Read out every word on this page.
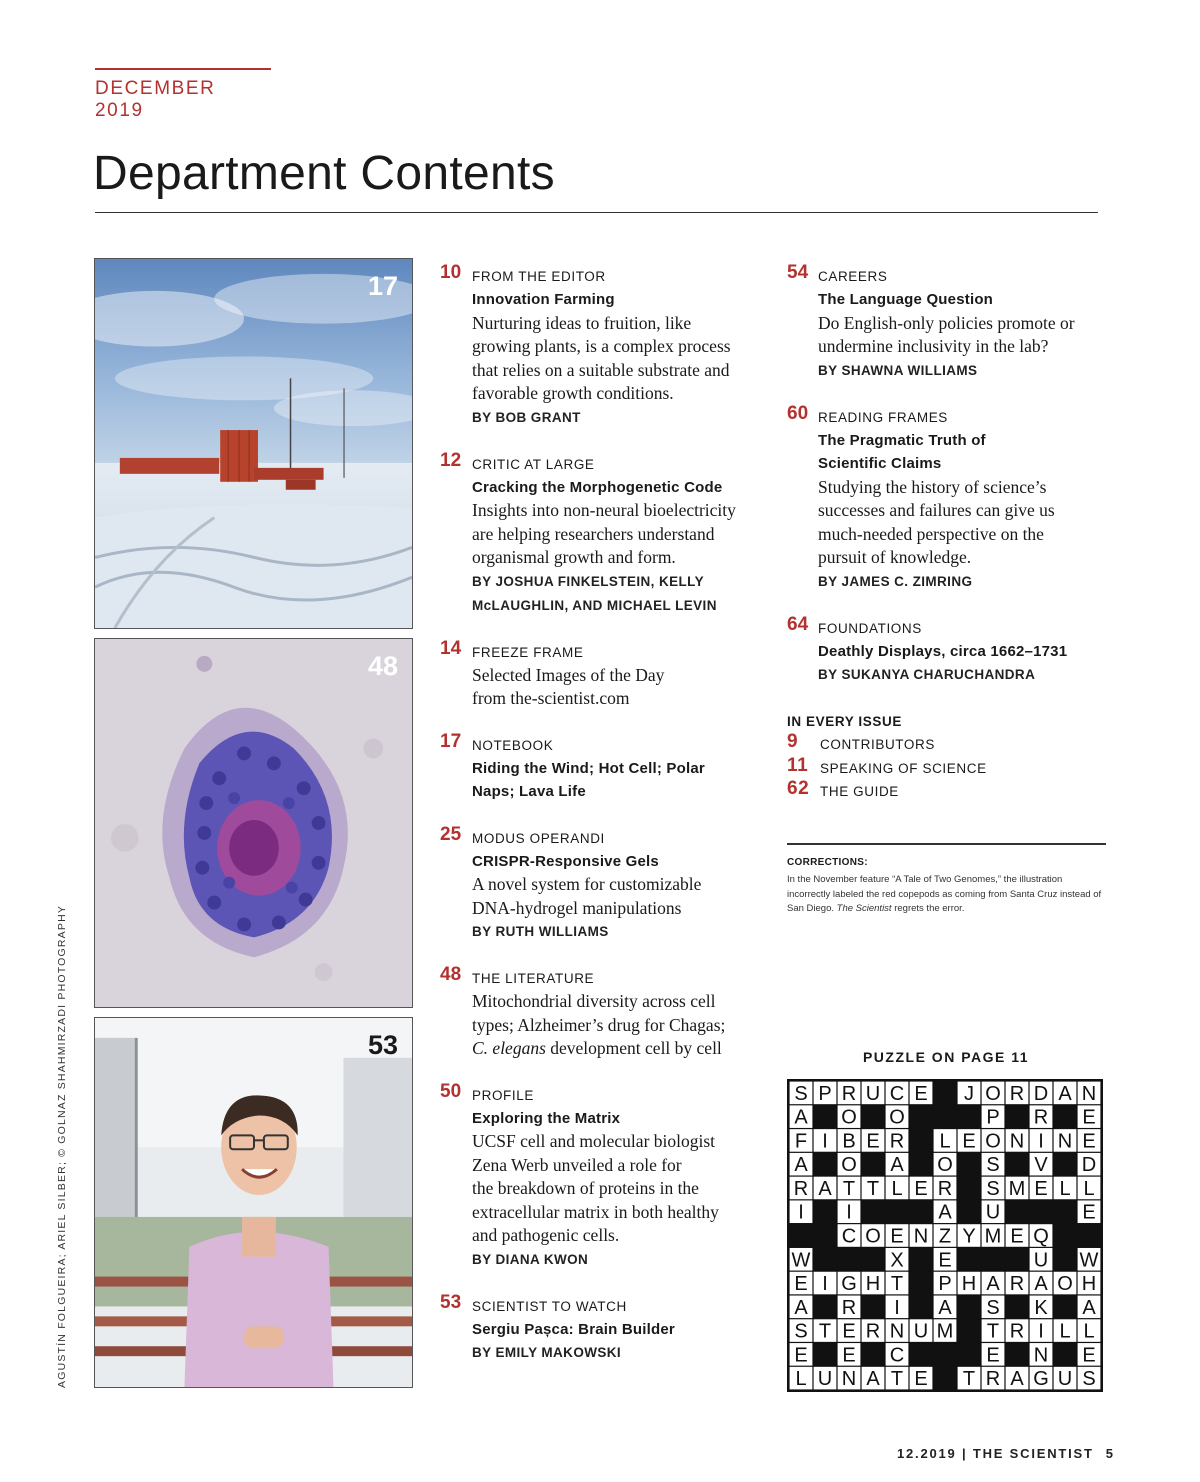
DECEMBER 2019
Department Contents
AGUSTÍN FOLGUEIRA; ARIEL SILBER; © GOLNAZ SHAHMIRZADI PHOTOGRAPHY
17
48
53
10 FROM THE EDITOR
Innovation Farming
Nurturing ideas to fruition, like
growing plants, is a complex process
that relies on a suitable substrate and
favorable growth conditions.
BY BOB GRANT
12 CRITIC AT LARGE
Cracking the Morphogenetic Code
Insights into non-neural bioelectricity
are helping researchers understand
organismal growth and form.
BY JOSHUA FINKELSTEIN, KELLY
McLAUGHLIN, AND MICHAEL LEVIN
14 FREEZE FRAME
Selected Images of the Day
from the-scientist.com
17 NOTEBOOK
Riding the Wind; Hot Cell; Polar
Naps; Lava Life
25 MODUS OPERANDI
CRISPR-Responsive Gels
A novel system for customizable
DNA-hydrogel manipulations
BY RUTH WILLIAMS
48 THE LITERATURE
Mitochondrial diversity across cell
types; Alzheimer’s drug for Chagas;
C. elegans development cell by cell
50 PROFILE
Exploring the Matrix
UCSF cell and molecular biologist
Zena Werb unveiled a role for
the breakdown of proteins in the
extracellular matrix in both healthy
and pathogenic cells.
BY DIANA KWON
53 SCIENTIST TO WATCH
Sergiu Pașca: Brain Builder
BY EMILY MAKOWSKI
54 CAREERS
The Language Question
Do English-only policies promote or
undermine inclusivity in the lab?
BY SHAWNA WILLIAMS
60 READING FRAMES
The Pragmatic Truth of
Scientific Claims
Studying the history of science’s
successes and failures can give us
much-needed perspective on the
pursuit of knowledge.
BY JAMES C. ZIMRING
64 FOUNDATIONS
Deathly Displays, circa 1662–1731
BY SUKANYA CHARUCHANDRA
IN EVERY ISSUE
9 CONTRIBUTORS
11 SPEAKING OF SCIENCE
62 THE GUIDE
CORRECTIONS:
In the November feature “A Tale of Two Genomes,” the illustration incorrectly labeled the red copepods as coming from Santa Cruz instead of San Diego. The Scientist regrets the error.
PUZZLE ON PAGE 11
S P R U C E J O R D A N
A O O	P R E
F I B E R L E O N I N E
A O A O S V D
R A T T L E R S M E L L
I I	A U	E
C O E N Z Y M E Q
W	X E	U W
E I G H T P H A R A O H
A R I A S K A
S T E R N U M T R I L L
E E C	E N E
L U N A T E T R A G U S
12.2019 | THE SCIENTIST 5
